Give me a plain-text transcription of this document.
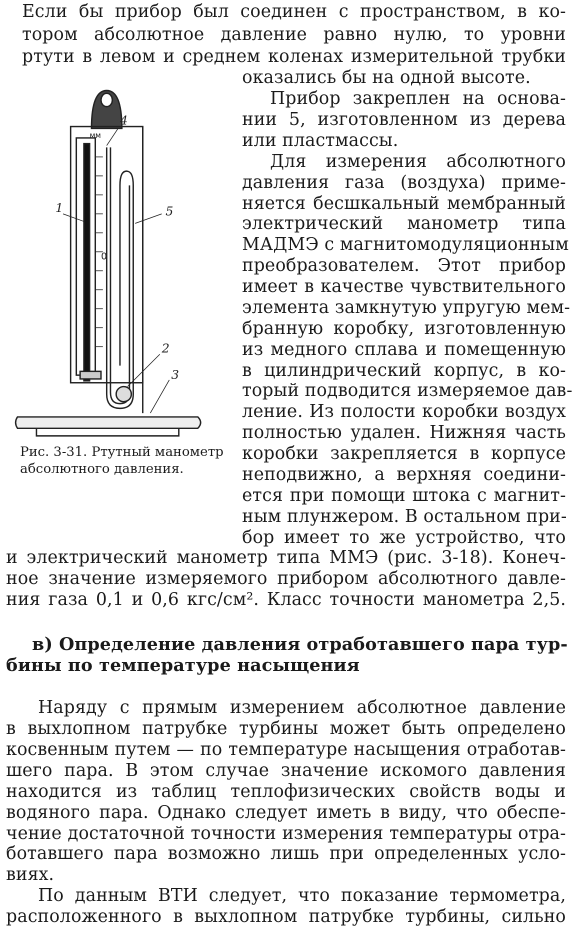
Если бы прибор был соединен с пространством, в ко-
тором абсолютное давление равно нулю, то уровни
ртути в левом и среднем коленах измерительной трубки
1
4
5
2
3
мм
0
Рис. 3-31. Ртутный манометр абсолютного давления.
оказались бы на одной высоте.
Прибор закреплен на основа-
нии 5, изготовленном из дерева
или пластмассы.
Для измерения абсолютного
давления газа (воздуха) приме-
няется бесшкальный мембранный
электрический манометр типа
МАДМЭ с магнитомодуляционным
преобразователем. Этот прибор
имеет в качестве чувствительного
элемента замкнутую упругую мем-
бранную коробку, изготовленную
из медного сплава и помещенную
в цилиндрический корпус, в ко-
торый подводится измеряемое дав-
ление. Из полости коробки воздух
полностью удален. Нижняя часть
коробки закрепляется в корпусе
неподвижно, а верхняя соедини-
ется при помощи штока с магнит-
ным плунжером. В остальном при-
бор имеет то же устройство, что
и электрический манометр типа ММЭ (рис. 3-18). Конеч-
ное значение измеряемого прибором абсолютного давле-
ния газа 0,1 и 0,6 кгс/см². Класс точности манометра 2,5.
в) Определение давления отработавшего пара тур-
бины по температуре насыщения
Наряду с прямым измерением абсолютное давление
в выхлопном патрубке турбины может быть определено
косвенным путем — по температуре насыщения отработав-
шего пара. В этом случае значение искомого давления
находится из таблиц теплофизических свойств воды и
водяного пара. Однако следует иметь в виду, что обеспе-
чение достаточной точности измерения температуры отра-
ботавшего пара возможно лишь при определенных усло-
виях.
По данным ВТИ следует, что показание термометра,
расположенного в выхлопном патрубке турбины, сильно
